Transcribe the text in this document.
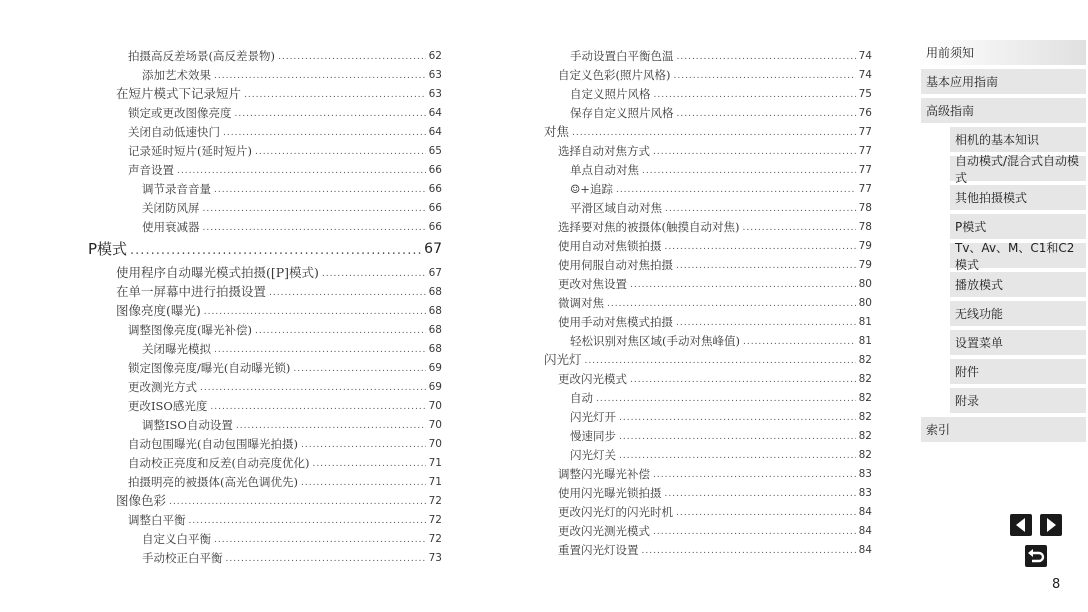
拍摄高反差场景(高反差景物) .....	62
添加艺术效果 .....	63
在短片模式下记录短片 .....	63
锁定或更改图像亮度 .....	64
关闭自动低速快门 .....	64
记录延时短片(延时短片) .....	65
声音设置 .....	66
调节录音音量 .....	66
关闭防风屏 .....	66
使用衰减器 .....	66
P模式 .....	67
使用程序自动曝光模式拍摄([P]模式) .....	67
在单一屏幕中进行拍摄设置 .....	68
图像亮度(曝光) .....	68
调整图像亮度(曝光补偿) .....	68
关闭曝光模拟 .....	68
锁定图像亮度/曝光(自动曝光锁) .....	69
更改测光方式 .....	69
更改ISO感光度 .....	70
调整ISO自动设置 .....	70
自动包围曝光(自动包围曝光拍摄) .....	70
自动校正亮度和反差(自动亮度优化) .....	71
拍摄明亮的被摄体(高光色调优先) .....	71
图像色彩 .....	72
调整白平衡 .....	72
自定义白平衡 .....	72
手动校正白平衡 .....	73
手动设置白平衡色温 .....	74
自定义色彩(照片风格) .....	74
自定义照片风格 .....	75
保存自定义照片风格 .....	76
对焦 .....	77
选择自动对焦方式 .....	77
单点自动对焦 .....	77
☺+追踪 .....	77
平滑区域自动对焦 .....	78
选择要对焦的被摄体(触摸自动对焦) .....	78
使用自动对焦锁拍摄 .....	79
使用伺服自动对焦拍摄 .....	79
更改对焦设置 .....	80
微调对焦 .....	80
使用手动对焦模式拍摄 .....	81
轻松识别对焦区域(手动对焦峰值) .....	81
闪光灯 .....	82
更改闪光模式 .....	82
自动 .....	82
闪光灯开 .....	82
慢速同步 .....	82
闪光灯关 .....	82
调整闪光曝光补偿 .....	83
使用闪光曝光锁拍摄 .....	83
更改闪光灯的闪光时机 .....	84
更改闪光测光模式 .....	84
重置闪光灯设置 .....	84
用前须知
基本应用指南
高级指南
相机的基本知识
自动模式/混合式自动模式
其他拍摄模式
P模式
Tv、Av、M、C1和C2模式
播放模式
无线功能
设置菜单
附件
附录
索引
8
